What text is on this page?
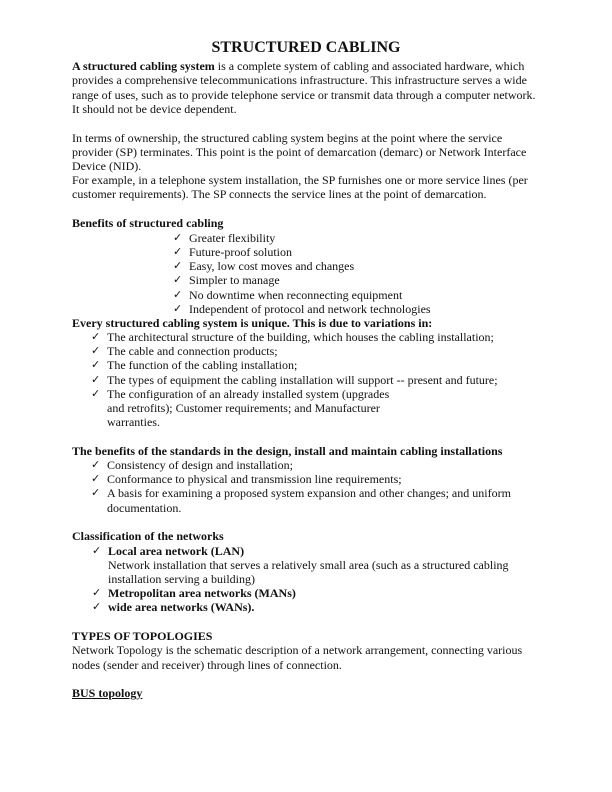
STRUCTURED CABLING
A structured cabling system is a complete system of cabling and associated hardware, which
provides a comprehensive telecommunications infrastructure. This infrastructure serves a wide
range of uses, such as to provide telephone service or transmit data through a computer network.
It should not be device dependent.
In terms of ownership, the structured cabling system begins at the point where the service
provider (SP) terminates. This point is the point of demarcation (demarc) or Network Interface
Device (NID).
For example, in a telephone system installation, the SP furnishes one or more service lines (per
customer requirements). The SP connects the service lines at the point of demarcation.
Benefits of structured cabling
✓ Greater flexibility
✓ Future-proof solution
✓ Easy, low cost moves and changes
✓ Simpler to manage
✓ No downtime when reconnecting equipment
✓ Independent of protocol and network technologies
Every structured cabling system is unique. This is due to variations in:
✓ The architectural structure of the building, which houses the cabling installation;
✓ The cable and connection products;
✓ The function of the cabling installation;
✓ The types of equipment the cabling installation will support -- present and future;
✓ The configuration of an already installed system (upgrades
and retrofits); Customer requirements; and Manufacturer
warranties.
The benefits of the standards in the design, install and maintain cabling installations
✓ Consistency of design and installation;
✓ Conformance to physical and transmission line requirements;
✓ A basis for examining a proposed system expansion and other changes; and uniform
documentation.
Classification of the networks
✓ Local area network (LAN)
Network installation that serves a relatively small area (such as a structured cabling
installation serving a building)
✓ Metropolitan area networks (MANs)
✓ wide area networks (WANs).
TYPES OF TOPOLOGIES
Network Topology is the schematic description of a network arrangement, connecting various
nodes (sender and receiver) through lines of connection.
BUS topology
